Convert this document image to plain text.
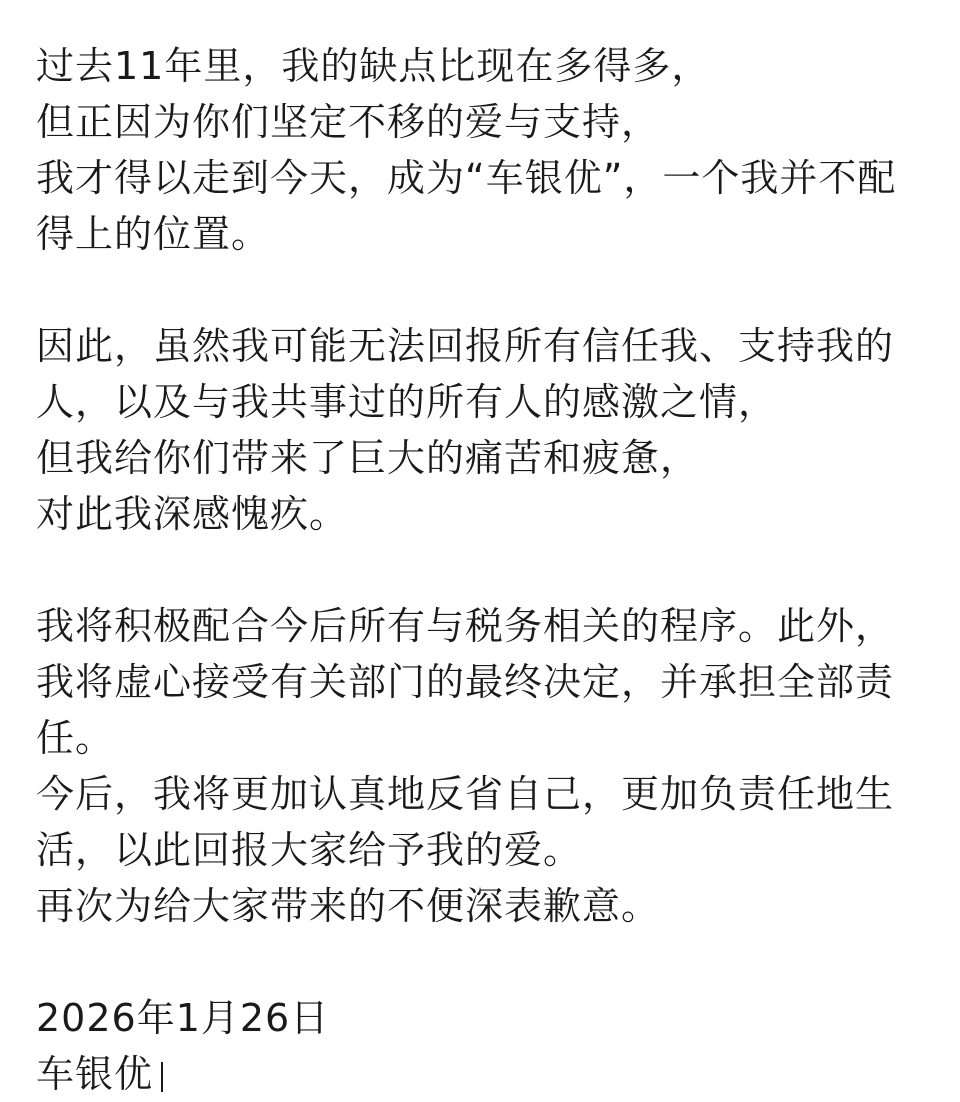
过去11年里，我的缺点比现在多得多，
但正因为你们坚定不移的爱与支持，
我才得以走到今天，成为“车银优”，一个我并不配
得上的位置。
因此，虽然我可能无法回报所有信任我、支持我的
人，以及与我共事过的所有人的感激之情，
但我给你们带来了巨大的痛苦和疲惫，
对此我深感愧疚。
我将积极配合今后所有与税务相关的程序。此外，
我将虚心接受有关部门的最终决定，并承担全部责
任。
今后，我将更加认真地反省自己，更加负责任地生
活，以此回报大家给予我的爱。
再次为给大家带来的不便深表歉意。
2026年1月26日
车银优
